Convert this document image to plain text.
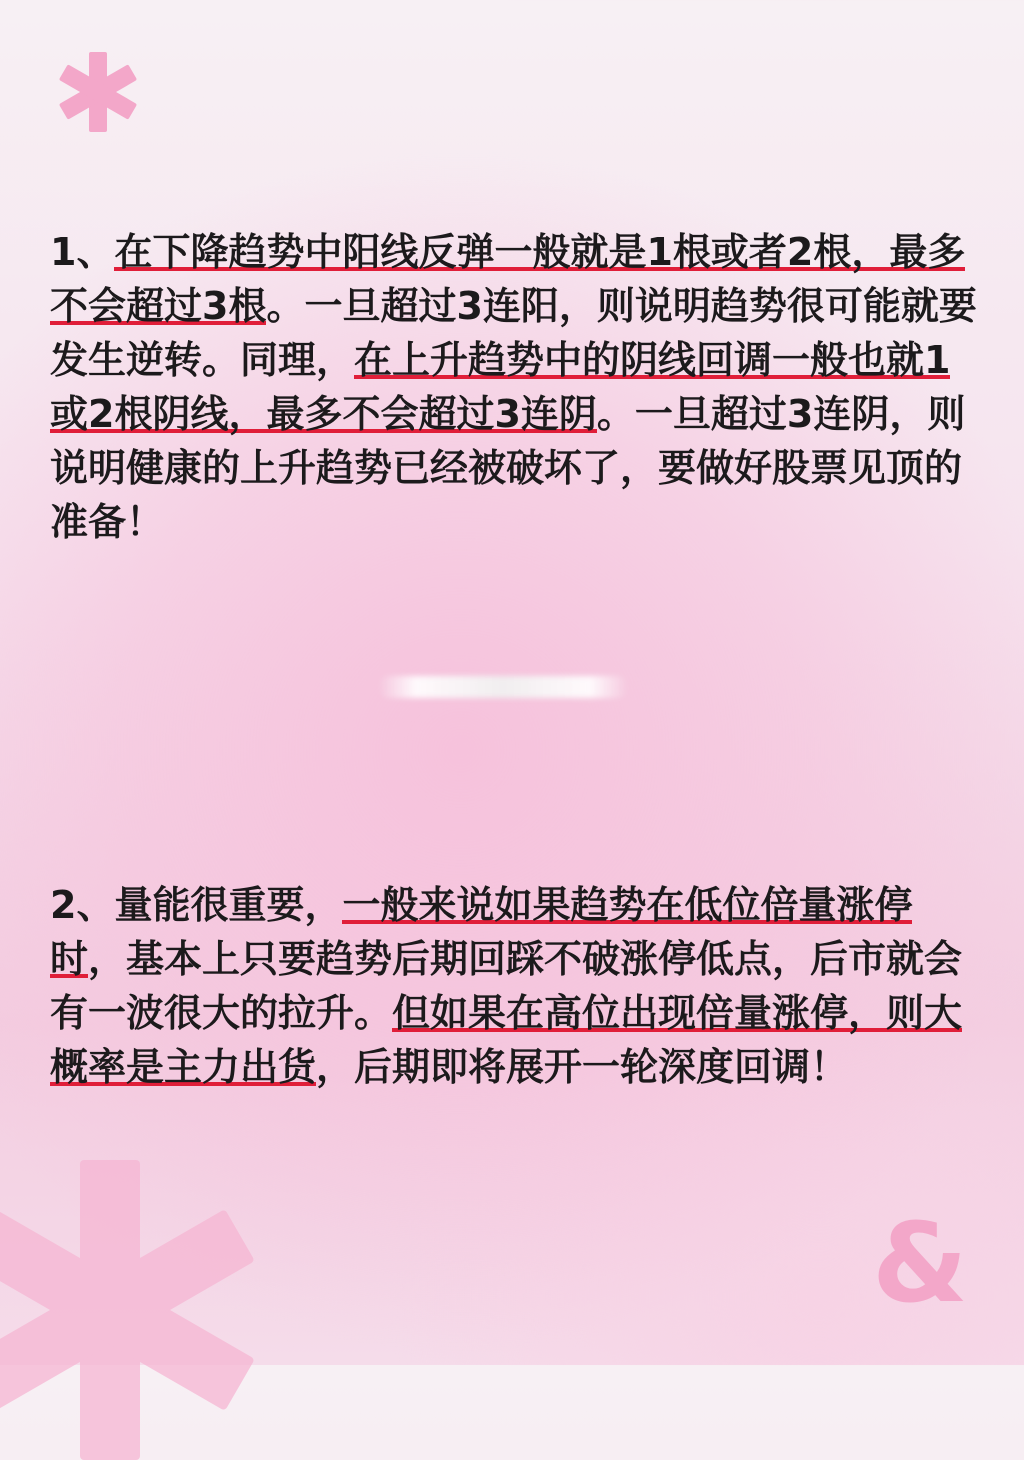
&

1、在下降趋势中阳线反弹一般就是1根或者2根，最多不会超过3根。一旦超过3连阳，则说明趋势很可能就要发生逆转。同理，在上升趋势中的阴线回调一般也就1或2根阴线，最多不会超过3连阴。一旦超过3连阴，则说明健康的上升趋势已经被破坏了，要做好股票见顶的准备！

2、量能很重要，一般来说如果趋势在低位倍量涨停时，基本上只要趋势后期回踩不破涨停低点，后市就会有一波很大的拉升。但如果在高位出现倍量涨停，则大概率是主力出货，后期即将展开一轮深度回调！
